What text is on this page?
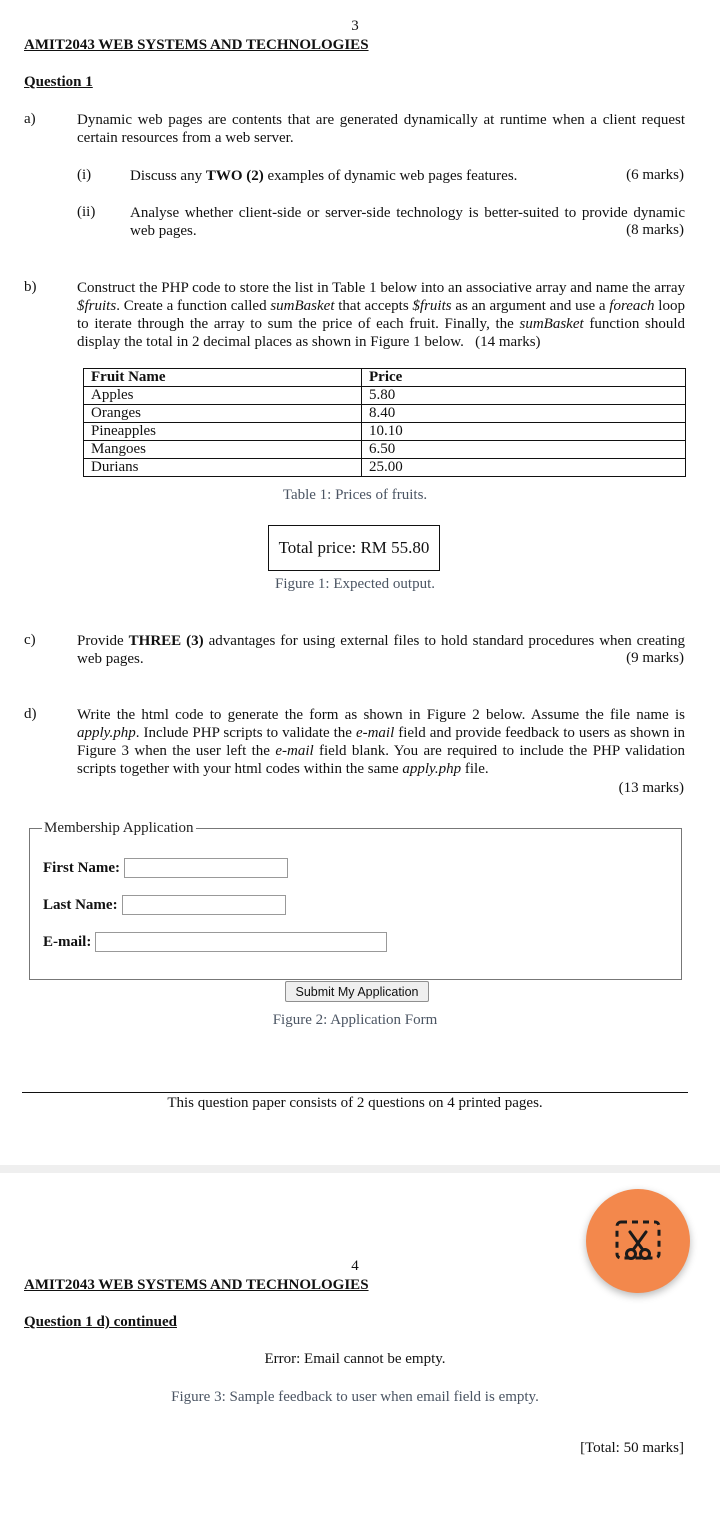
3
AMIT2043 WEB SYSTEMS AND TECHNOLOGIES
Question 1
a)	Dynamic web pages are contents that are generated dynamically at runtime when a client request certain resources from a web server.
(i)	Discuss any TWO (2) examples of dynamic web pages features.	(6 marks)
(ii) Analyse whether client-side or server-side technology is better-suited to provide dynamic web pages.	(8 marks)
b)	Construct the PHP code to store the list in Table 1 below into an associative array and name the array $fruits. Create a function called sumBasket that accepts $fruits as an argument and use a foreach loop to iterate through the array to sum the price of each fruit. Finally, the sumBasket function should display the total in 2 decimal places as shown in Figure 1 below. (14 marks)
Fruit Name	Price
Apples	5.80
Oranges	8.40
Pineapples	10.10
Mangoes	6.50
Durians	25.00
Table 1: Prices of fruits.
Total price: RM 55.80
Figure 1: Expected output.
c)	Provide THREE (3) advantages for using external files to hold standard procedures when creating web pages.	(9 marks)
d)	Write the html code to generate the form as shown in Figure 2 below. Assume the file name is apply.php. Include PHP scripts to validate the e-mail field and provide feedback to users as shown in Figure 3 when the user left the e-mail field blank. You are required to include the PHP validation scripts together with your html codes within the same apply.php file.
(13 marks)
Membership Application
First Name:
Last Name:
E-mail:
Submit My Application
Figure 2: Application Form
This question paper consists of 2 questions on 4 printed pages.
4
AMIT2043 WEB SYSTEMS AND TECHNOLOGIES
Question 1 d) continued
Error: Email cannot be empty.
Figure 3: Sample feedback to user when email field is empty.
[Total: 50 marks]
